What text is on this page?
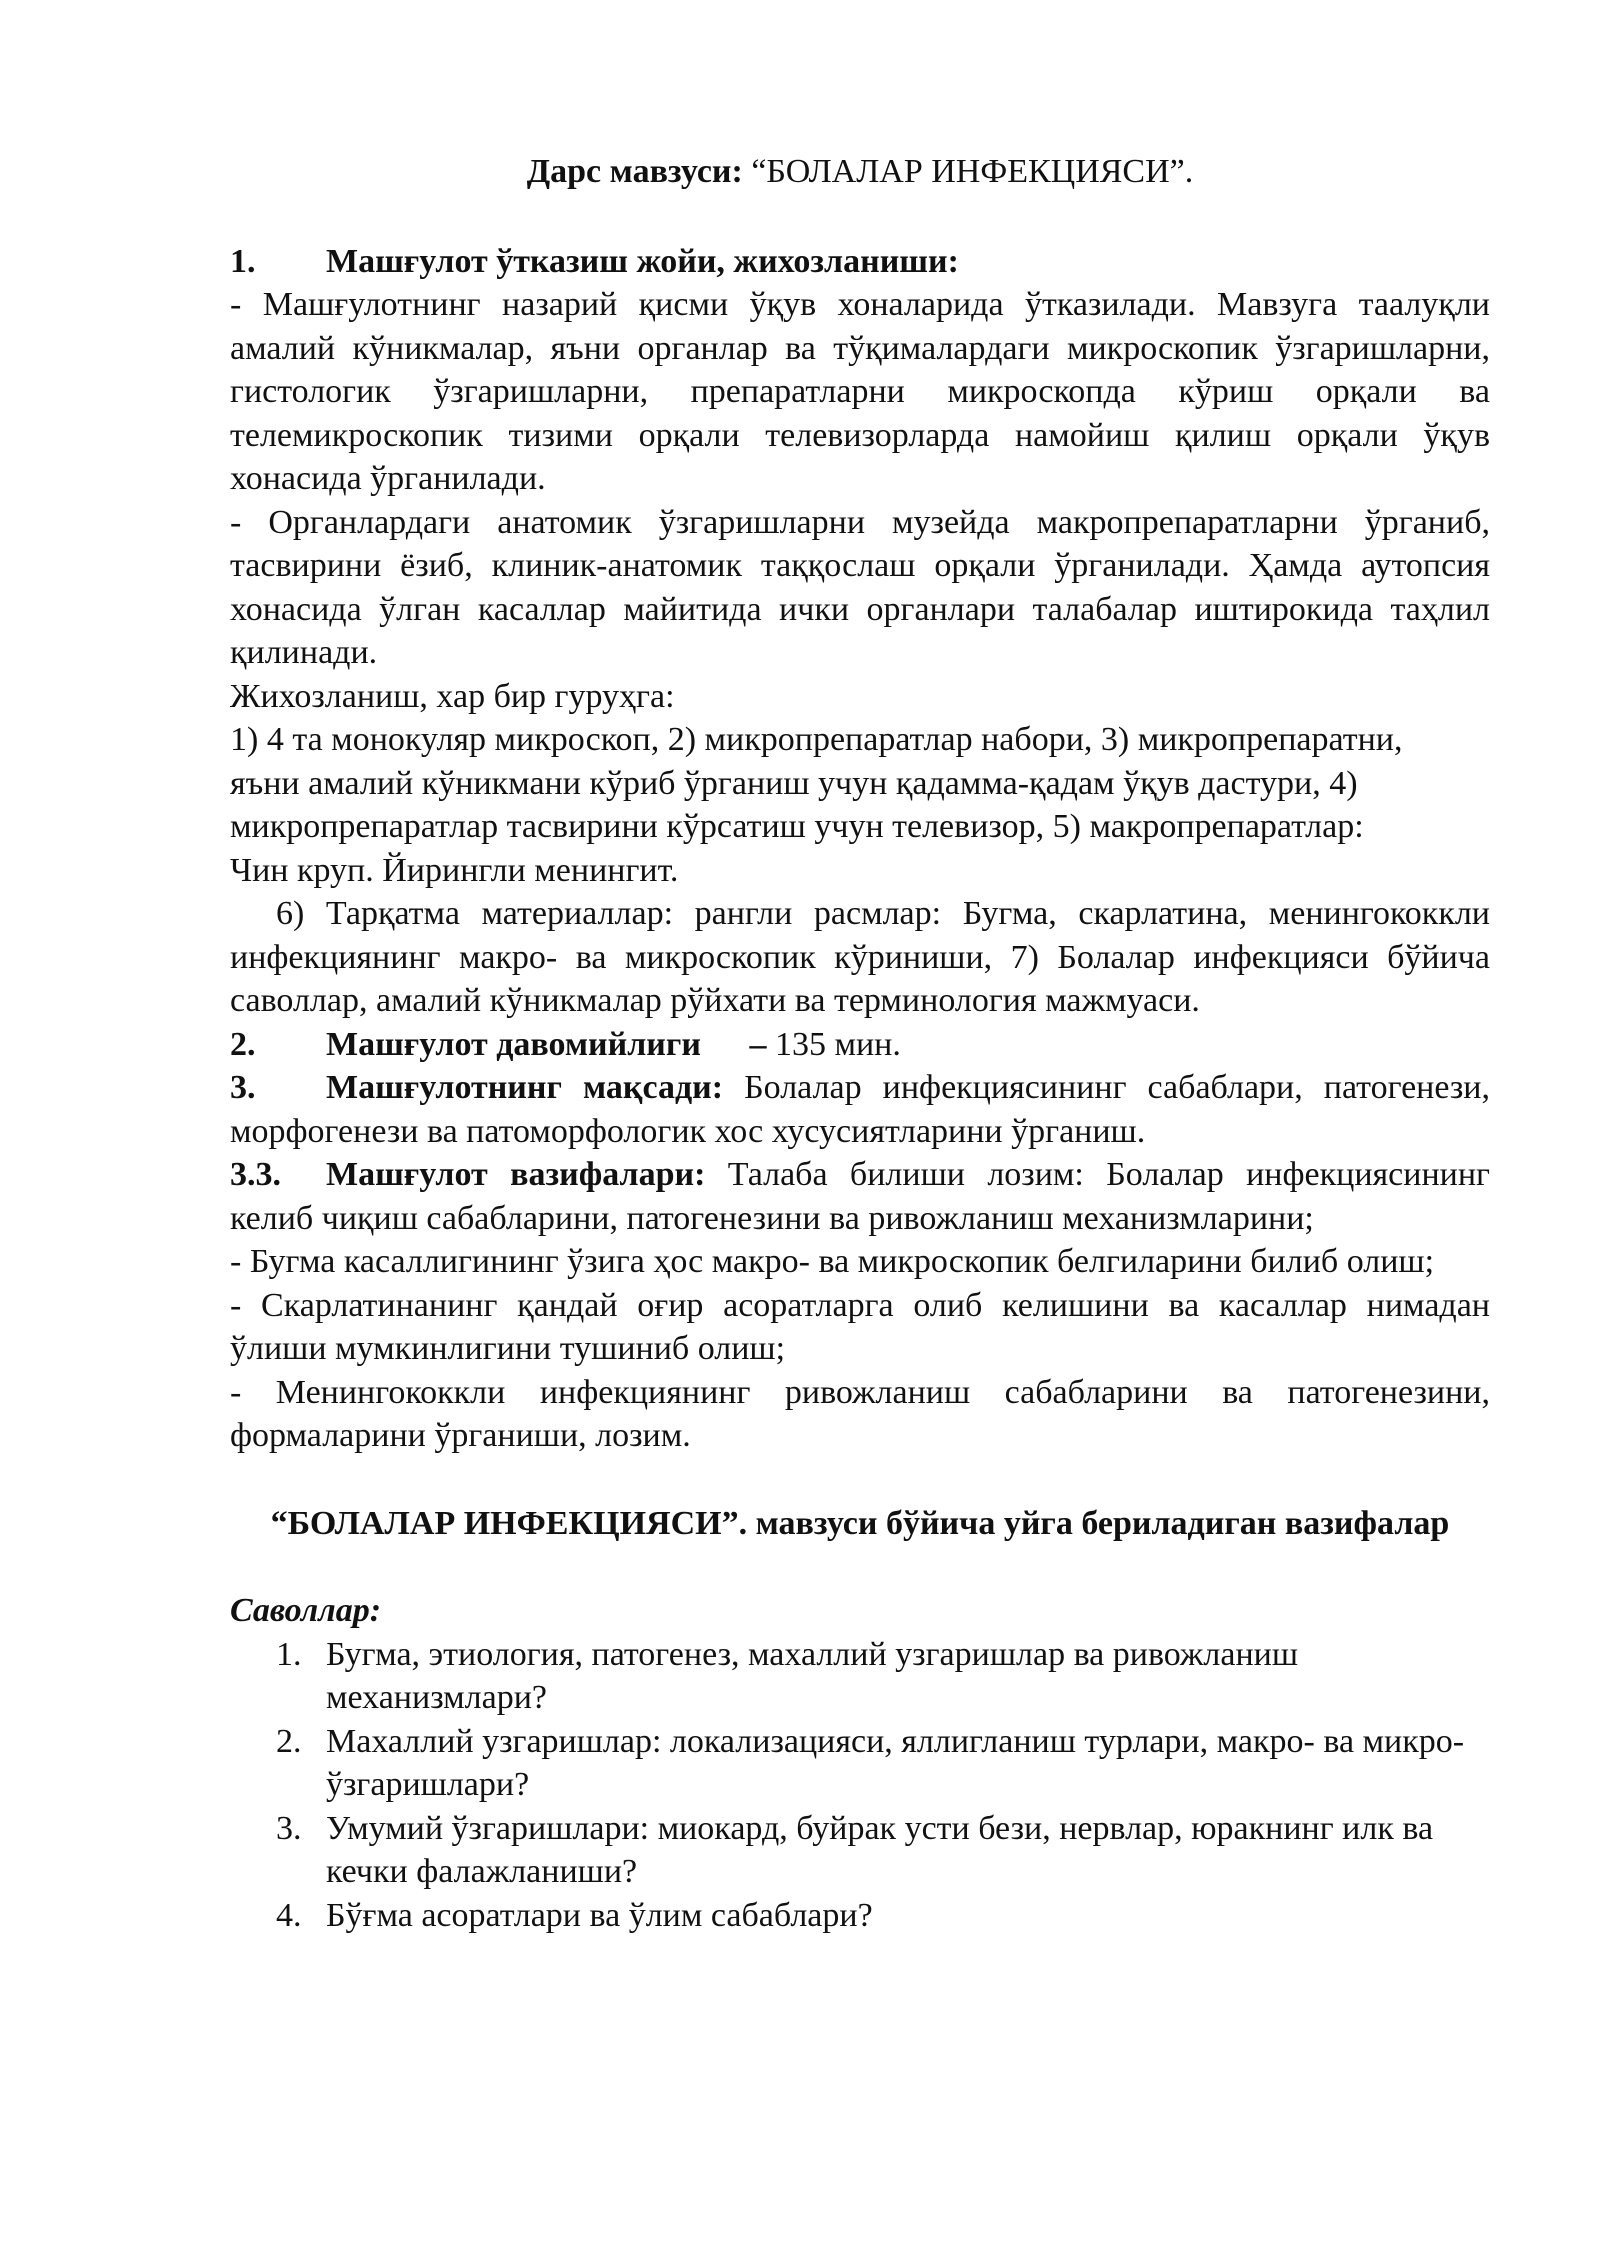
Дарс мавзуси: “БОЛАЛАР ИНФЕКЦИЯСИ”.

1. Машғулот ўтказиш жойи, жихозланиши:

- Машғулотнинг назарий қисми ўқув хоналарида ўтказилади. Мавзуга таалуқли амалий кўникмалар, яъни органлар ва тўқималардаги микроскопик ўзгаришларни, гистологик ўзгаришларни, препаратларни микроскопда кўриш орқали ва телемикроскопик тизими орқали телевизорларда намойиш қилиш орқали ўқув хонасида ўрганилади.

- Органлардаги анатомик ўзгаришларни музейда макропрепаратларни ўрганиб, тасвирини ёзиб, клиник-анатомик таққослаш орқали ўрганилади. Ҳамда аутопсия хонасида ўлган касаллар майитида ички органлари талабалар иштирокида таҳлил қилинади.

Жихозланиш, хар бир гуруҳга:

1) 4 та монокуляр микроскоп, 2) микропрепаратлар набори, 3) микропрепаратни, яъни амалий кўникмани кўриб ўрганиш учун қадамма-қадам ўқув дастури, 4) микропрепаратлар тасвирини кўрсатиш учун телевизор, 5) макропрепаратлар: Чин круп. Йирингли менингит.

6) Тарқатма материаллар: рангли расмлар: Бугма, скарлатина, менингококкли инфекциянинг макро- ва микроскопик кўриниши, 7) Болалар инфекцияси бўйича саволлар, амалий кўникмалар рўйхати ва терминология мажмуаси.

2. Машғулот давомийлиги – 135 мин.

3.	Машғулотнинг мақсади: Болалар инфекциясининг сабаблари, патогенези, морфогенези ва патоморфологик хос хусусиятларини ўрганиш.

3.3.	Машғулот вазифалари: Талаба билиши лозим: Болалар инфекциясининг келиб чиқиш сабабларини, патогенезини ва ривожланиш механизмларини;

- Бугма касаллигининг ўзига ҳос макро- ва микроскопик белгиларини билиб олиш;

- Скарлатинанинг қандай оғир асоратларга олиб келишини ва касаллар нимадан ўлиши мумкинлигини тушиниб олиш;

- Менингококкли инфекциянинг ривожланиш сабабларини ва патогенезини, формаларини ўрганиши, лозим.

“БОЛАЛАР ИНФЕКЦИЯСИ”. мавзуси бўйича уйга бериладиган вазифалар

Саволлар:

1. Бугма, этиология, патогенез, махаллий узгаришлар ва ривожланиш механизмлари?
2. Махаллий узгаришлар: локализацияси, яллигланиш турлари, макро- ва микро- ўзгаришлари?
3. Умумий ўзгаришлари: миокард, буйрак усти бези, нервлар, юракнинг илк ва кечки фалажланиши?
4. Бўғма асоратлари ва ўлим сабаблари?
